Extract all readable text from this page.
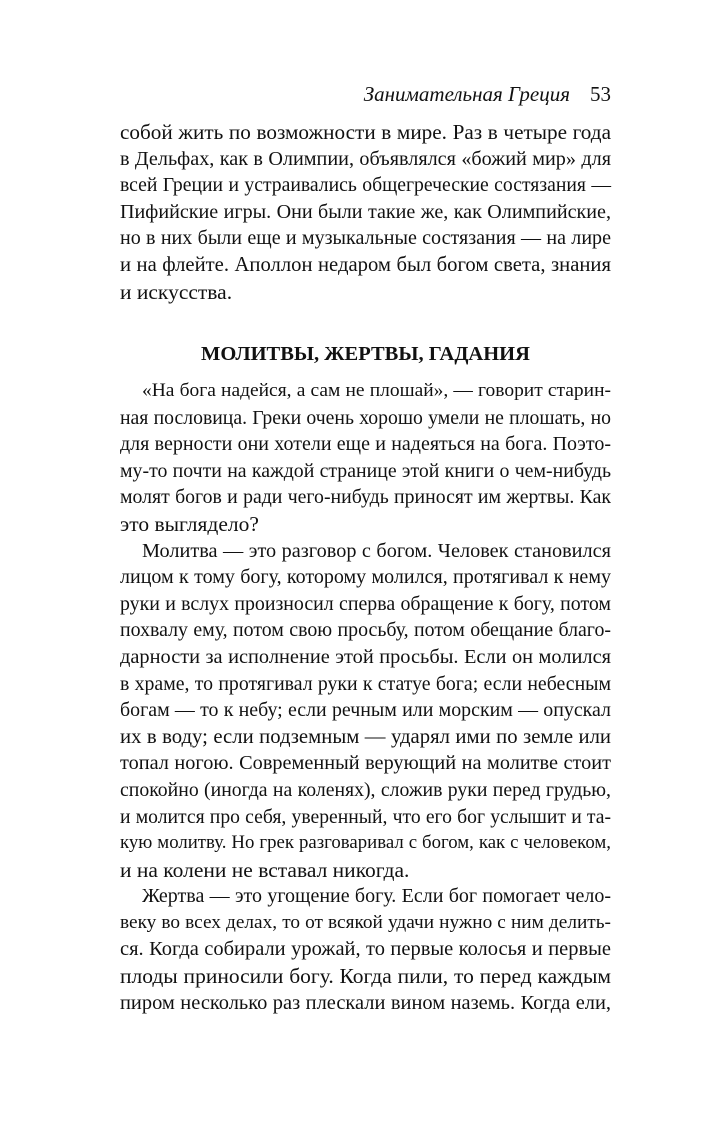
Занимательная Греция 53
собой жить по возможности в мире. Раз в четыре года
в Дельфах, как в Олимпии, объявлялся «божий мир» для
всей Греции и устраивались общегреческие состязания —
Пифийские игры. Они были такие же, как Олимпийские,
но в них были еще и музыкальные состязания — на лире
и на флейте. Аполлон недаром был богом света, знания
и искусства.
МОЛИТВЫ, ЖЕРТВЫ, ГАДАНИЯ
«На бога надейся, а сам не плошай», — говорит старин-
ная пословица. Греки очень хорошо умели не плошать, но
для верности они хотели еще и надеяться на бога. Поэто-
му-то почти на каждой странице этой книги о чем-нибудь
молят богов и ради чего-нибудь приносят им жертвы. Как
это выглядело?
Молитва — это разговор с богом. Человек становился
лицом к тому богу, которому молился, протягивал к нему
руки и вслух произносил сперва обращение к богу, потом
похвалу ему, потом свою просьбу, потом обещание благо-
дарности за исполнение этой просьбы. Если он молился
в храме, то протягивал руки к статуе бога; если небесным
богам — то к небу; если речным или морским — опускал
их в воду; если подземным — ударял ими по земле или
топал ногою. Современный верующий на молитве стоит
спокойно (иногда на коленях), сложив руки перед грудью,
и молится про себя, уверенный, что его бог услышит и та-
кую молитву. Но грек разговаривал с богом, как с человеком,
и на колени не вставал никогда.
Жертва — это угощение богу. Если бог помогает чело-
веку во всех делах, то от всякой удачи нужно с ним делить-
ся. Когда собирали урожай, то первые колосья и первые
плоды приносили богу. Когда пили, то перед каждым
пиром несколько раз плескали вином наземь. Когда ели,
